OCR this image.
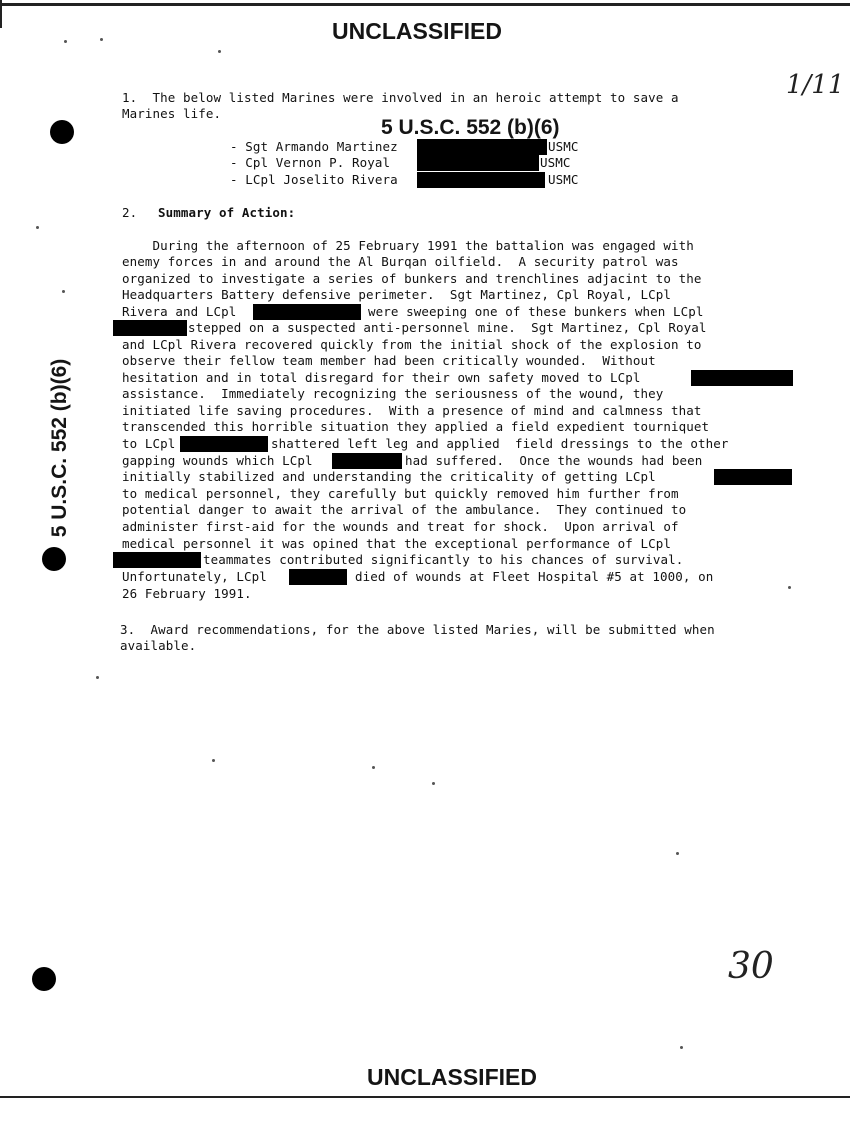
UNCLASSIFIED
UNCLASSIFIED
1/11
30
5 U.S.C. 552 (b)(6)

1.  The below listed Marines were involved in an heroic attempt to save a

Marines life.

5 U.S.C. 552 (b)(6)

- Sgt Armando Martinez

	USMC

- Cpl Vernon P. Royal

	USMC

- LCpl Joselito Rivera

	USMC

2.

Summary of Action:

During the afternoon of 25 February 1991 the battalion was engaged with

enemy forces in and around the Al Burqan oilfield.  A security patrol was

organized to investigate a series of bunkers and trenchlines adjacint to the

Headquarters Battery defensive perimeter.  Sgt Martinez, Cpl Royal, LCpl

Rivera and LCpl

	were sweeping one of these bunkers when LCpl

stepped on a suspected anti-personnel mine.  Sgt Martinez, Cpl Royal

and LCpl Rivera recovered quickly from the initial shock of the explosion to

observe their fellow team member had been critically wounded.  Without

hesitation and in total disregard for their own safety moved to LCpl

assistance.  Immediately recognizing the seriousness of the wound, they

initiated life saving procedures.  With a presence of mind and calmness that

transcended this horrible situation they applied a field expedient tourniquet

to LCpl

	shattered left leg and applied  field dressings to the other

gapping wounds which LCpl

	had suffered.  Once the wounds had been

initially stabilized and understanding the criticality of getting LCpl

to medical personnel, they carefully but quickly removed him further from

potential danger to await the arrival of the ambulance.  They continued to

administer first-aid for the wounds and treat for shock.  Upon arrival of

medical personnel it was opined that the exceptional performance of LCpl

teammates contributed significantly to his chances of survival.

Unfortunately, LCpl

	died of wounds at Fleet Hospital #5 at 1000, on

26 February 1991.

3.  Award recommendations, for the above listed Maries, will be submitted when

available.
